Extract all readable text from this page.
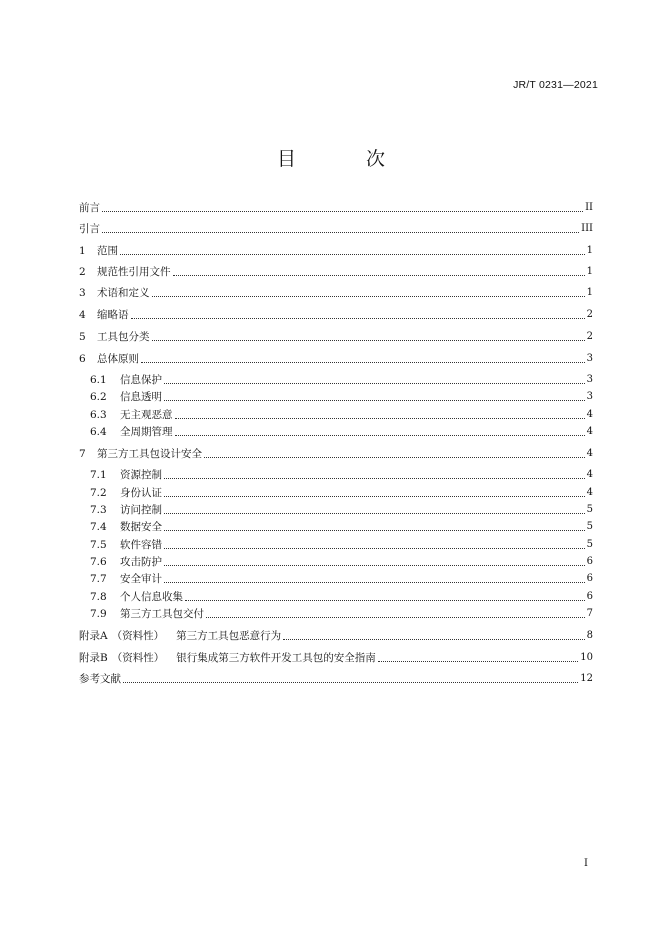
JR/T 0231—2021
目 次
前言	II
引言	III
1	范围	1
2	规范性引用文件	1
3	术语和定义	1
4	缩略语	2
5	工具包分类	2
6	总体原则	3
6.1	信息保护	3
6.2	信息透明	3
6.3	无主观恶意	4
6.4	全周期管理	4
7	第三方工具包设计安全	4
7.1	资源控制	4
7.2	身份认证	4
7.3	访问控制	5
7.4	数据安全	5
7.5	软件容错	5
7.6	攻击防护	6
7.7	安全审计	6
7.8	个人信息收集	6
7.9	第三方工具包交付	7
附录A （资料性） 第三方工具包恶意行为	8
附录B （资料性） 银行集成第三方软件开发工具包的安全指南	10
参考文献	12
I
